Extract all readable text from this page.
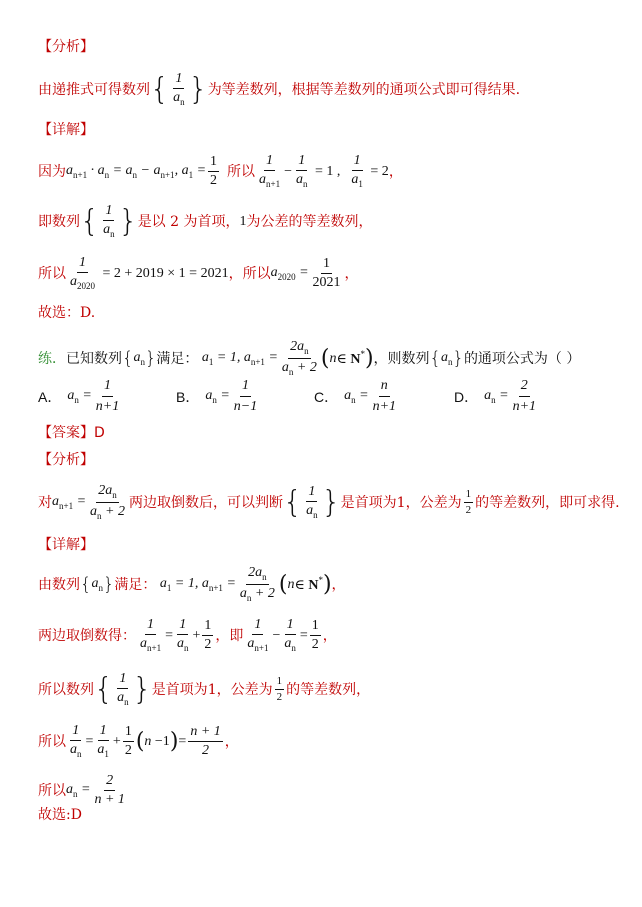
【分析】
由递推式可得数列 { $\frac{1}{a_n}$ } 为等差数列，根据等差数列的通项公式即可得结果.
【详解】
因为 $a_{n+1} \cdot a_n = a_n - a_{n+1}$, $a_1 = \frac{1}{2}$ 所以 $\frac{1}{a_{n+1}} - \frac{1}{a_n} = 1$ , $\frac{1}{a_1} = 2$ ，
即数列 { $\frac{1}{a_n}$ } 是以 2 为首项， 1 为公差的等差数列，
所以 $\frac{1}{a_{2020}} = 2 + 2019 \times 1 = 2021$ ，所以 $a_{2020} = \frac{1}{2021}$ ，
故选：D.
练． 已知数列 { $a_n$ } 满足： $a_1 = 1$, $a_{n+1} = \frac{2a_n}{a_n + 2}$ ( n ∈ N* ) ，则数列 { $a_n$ } 的通项公式为（ ）
A． $a_n = \frac{1}{n+1}$	B． $a_n = \frac{1}{n-1}$	C． $a_n = \frac{n}{n+1}$	D． $a_n = \frac{2}{n+1}$
【答案】D
【分析】
对 $a_{n+1} = \frac{2a_n}{a_n + 2}$ 两边取倒数后，可以判断 { $\frac{1}{a_n}$ } 是首项为 1，公差为 $\frac{1}{2}$ 的等差数列，即可求得.
【详解】
由数列 { $a_n$ } 满足： $a_1 = 1$, $a_{n+1} = \frac{2a_n}{a_n + 2}$ ( n ∈ N* ) ，
两边取倒数得： $\frac{1}{a_{n+1}} = \frac{1}{a_n} + \frac{1}{2}$ ，即 $\frac{1}{a_{n+1}} - \frac{1}{a_n} = \frac{1}{2}$ ，
所以数列 { $\frac{1}{a_n}$ } 是首项为 1，公差为 $\frac{1}{2}$ 的等差数列，
所以 $\frac{1}{a_n} = \frac{1}{a_1} + \frac{1}{2}$ ( n −1 ) = $\frac{n + 1}{2}$ ，
所以 $a_n = \frac{2}{n + 1}$
故选:D
